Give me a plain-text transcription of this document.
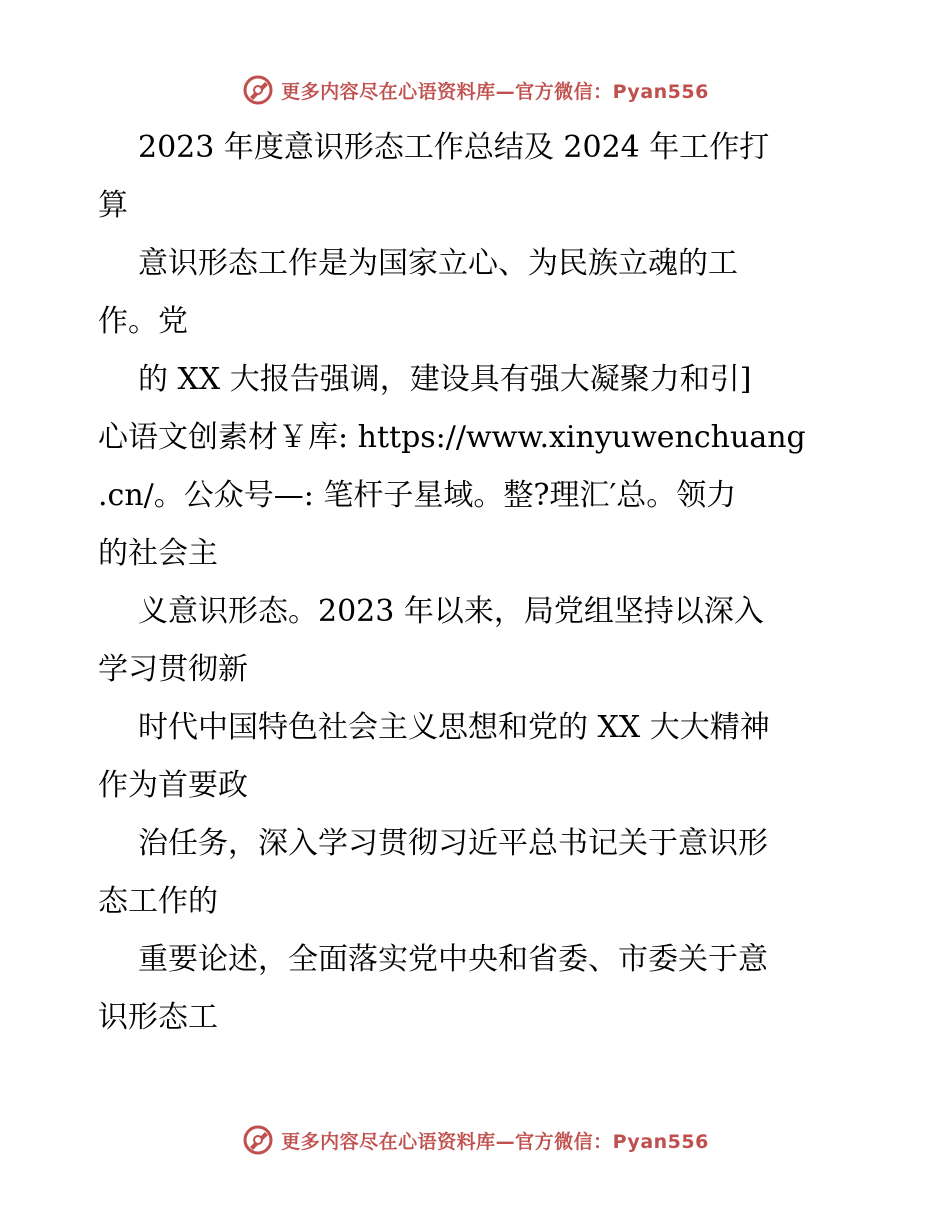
更多内容尽在心语资料库—官方微信：Pyan556
2023 年度意识形态工作总结及 2024 年工作打
算
意识形态工作是为国家立心、为民族立魂的工
作。党
的 XX 大报告强调，建设具有强大凝聚力和引]
心语文创素材￥库: https://www.xinyuwenchuang
.cn/。公众号—: 笔杆子星域。整?理汇′总。领力
的社会主
义意识形态。2023 年以来，局党组坚持以深入
学习贯彻新
时代中国特色社会主义思想和党的 XX 大大精神
作为首要政
治任务，深入学习贯彻习近平总书记关于意识形
态工作的
重要论述，全面落实党中央和省委、市委关于意
识形态工
更多内容尽在心语资料库—官方微信：Pyan556
